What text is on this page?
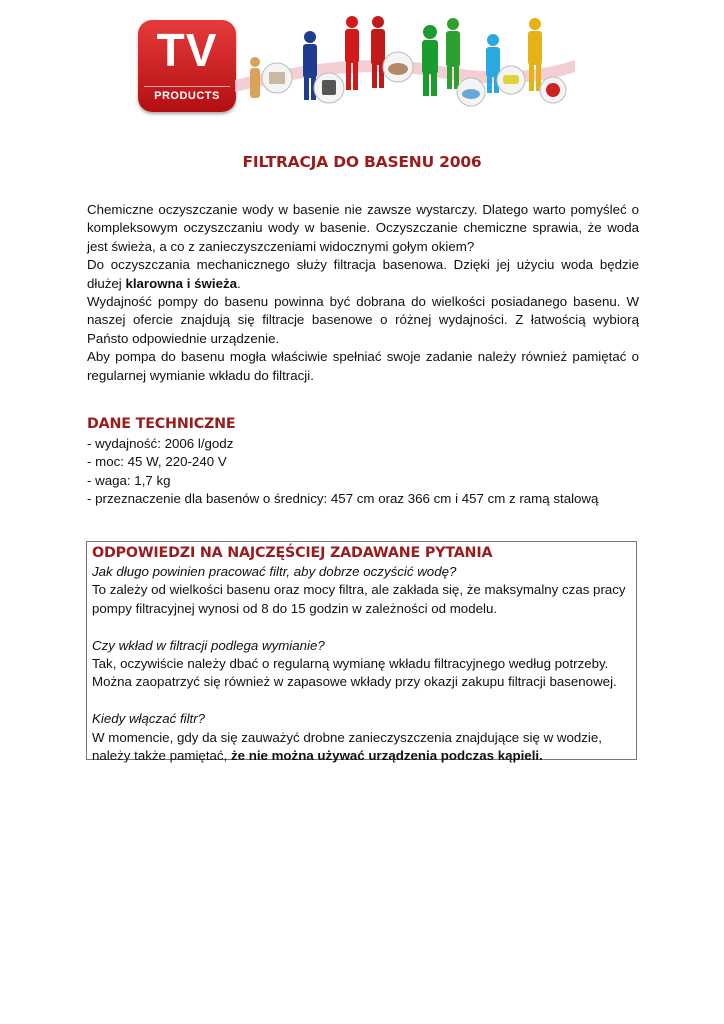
TV
PRODUCTS
FILTRACJA DO BASENU 2006

Chemiczne oczyszczanie wody w basenie nie zawsze wystarczy. Dlatego warto pomyśleć o kompleksowym oczyszczaniu wody w basenie. Oczyszczanie chemiczne sprawia, że woda jest świeża, a co z zanieczyszczeniami widocznymi gołym okiem?

Do oczyszczania mechanicznego służy filtracja basenowa. Dzięki jej użyciu woda będzie dłużej klarowna i świeża.

Wydajność pompy do basenu powinna być dobrana do wielkości posiadanego basenu. W naszej ofercie znajdują się filtracje basenowe o różnej wydajności. Z łatwością wybiorą Państo odpowiednie urządzenie.

Aby pompa do basenu mogła właściwie spełniać swoje zadanie należy również pamiętać o regularnej wymianie wkładu do filtracji.

DANE TECHNICZNE
- wydajność: 2006 l/godz
- moc: 45 W, 220-240 V
- waga: 1,7 kg
- przeznaczenie dla basenów o średnicy: 457 cm oraz 366 cm i 457 cm z ramą stalową
ODPOWIEDZI NA NAJCZĘŚCIEJ ZADAWANE PYTANIA

Jak długo powinien pracować filtr, aby dobrze oczyścić wodę?

To zależy od wielkości basenu oraz mocy filtra, ale zakłada się, że maksymalny czas pracy

pompy filtracyjnej wynosi od 8 do 15 godzin w zależności od modelu.

Czy wkład w filtracji podlega wymianie?

Tak, oczywiście należy dbać o regularną wymianę wkładu filtracyjnego według potrzeby.

Można zaopatrzyć się również w zapasowe wkłady przy okazji zakupu filtracji basenowej.

Kiedy włączać filtr?

W momencie, gdy da się zauważyć drobne zanieczyszczenia znajdujące się w wodzie,

należy także pamiętać, że nie można używać urządzenia podczas kąpieli.
